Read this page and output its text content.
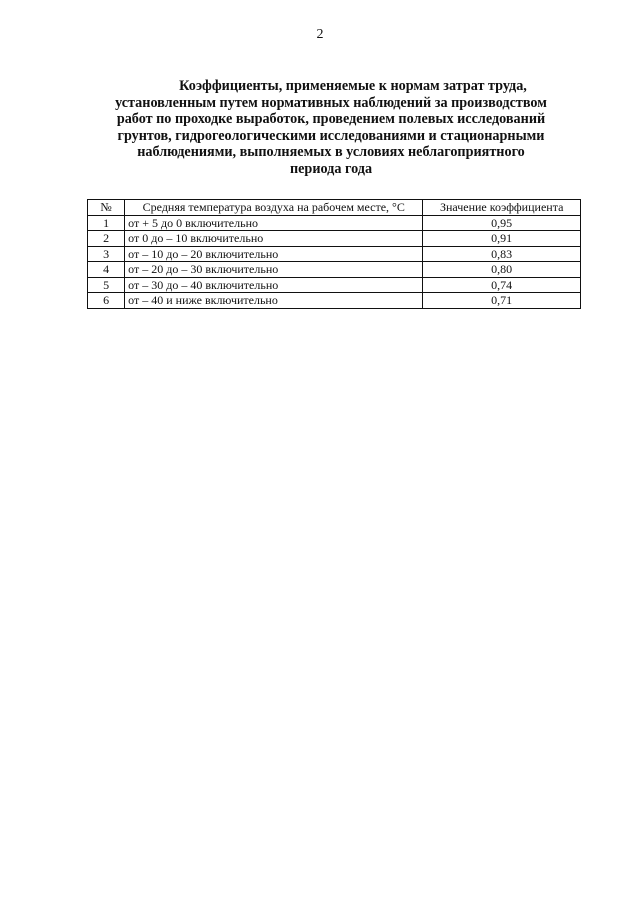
2
Коэффициенты, применяемые к нормам затрат труда,
установленным путем нормативных наблюдений за производством
работ по проходке выработок, проведением полевых исследований
грунтов, гидрогеологическими исследованиями и стационарными
наблюдениями, выполняемых в условиях неблагоприятного
периода года
№	Средняя температура воздуха на рабочем месте, °С	Значение коэффициента
1	от + 5 до 0 включительно	0,95
2	от 0 до – 10 включительно	0,91
3	от – 10 до – 20 включительно	0,83
4	от – 20 до – 30 включительно	0,80
5	от – 30 до – 40 включительно	0,74
6	от – 40 и ниже включительно	0,71
